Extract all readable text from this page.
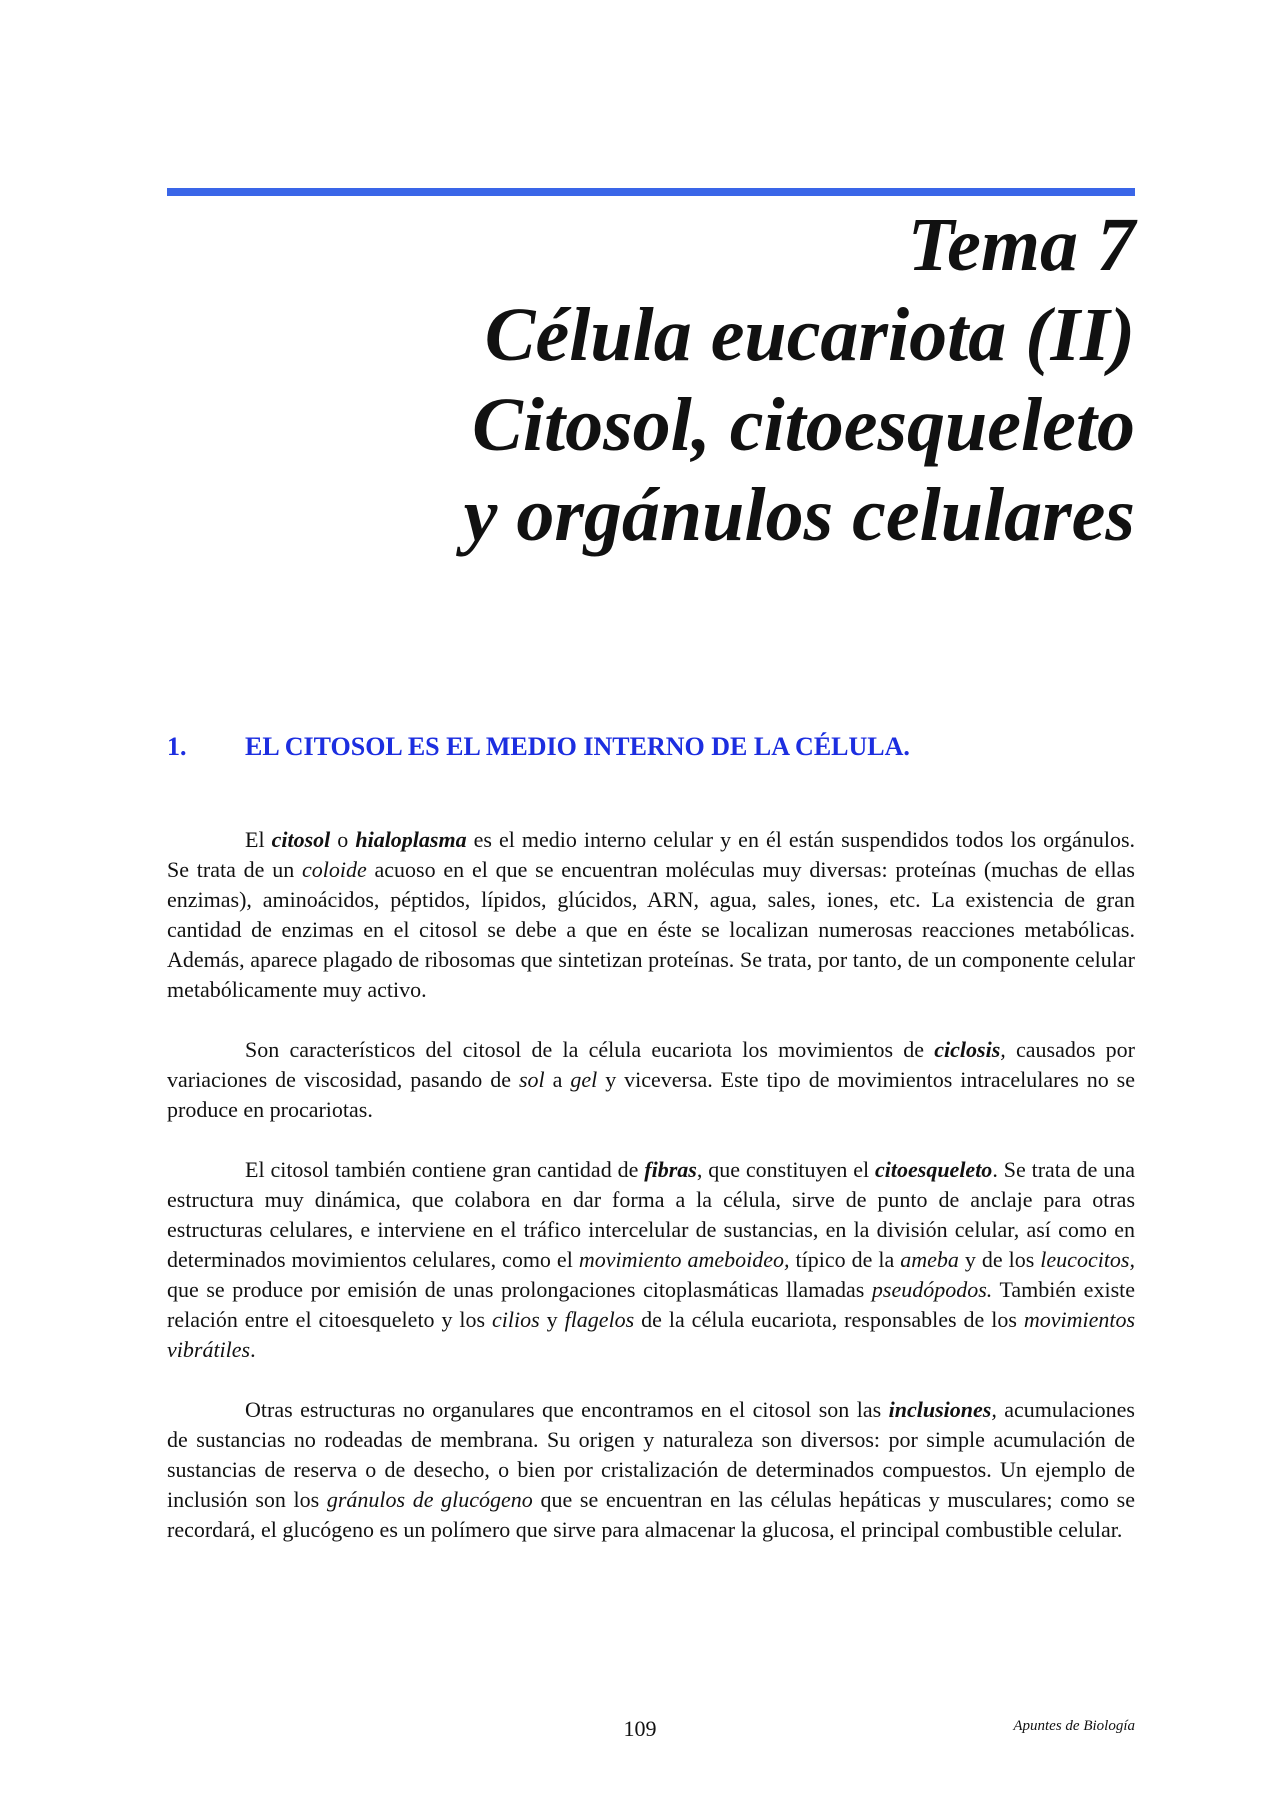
Tema 7
Célula eucariota (II)
Citosol, citoesqueleto
y orgánulos celulares
1.	EL CITOSOL ES EL MEDIO INTERNO DE LA CÉLULA.

El citosol o hialoplasma es el medio interno celular y en él están suspendidos todos los orgánulos. Se trata de un coloide acuoso en el que se encuentran moléculas muy diversas: proteínas (muchas de ellas enzimas), aminoácidos, péptidos, lípidos, glúcidos, ARN, agua, sales, iones, etc. La existencia de gran cantidad de enzimas en el citosol se debe a que en éste se localizan numerosas reacciones metabólicas. Además, aparece plagado de ribosomas que sintetizan proteínas. Se trata, por tanto, de un componente celular metabólicamente muy activo.

Son característicos del citosol de la célula eucariota los movimientos de ciclosis, causados por variaciones de viscosidad, pasando de sol a gel y viceversa. Este tipo de movimientos intracelulares no se produce en procariotas.

El citosol también contiene gran cantidad de fibras, que constituyen el citoesqueleto. Se trata de una estructura muy dinámica, que colabora en dar forma a la célula, sirve de punto de anclaje para otras estructuras celulares, e interviene en el tráfico intercelular de sustancias, en la división celular, así como en determinados movimientos celulares, como el movimiento ameboideo, típico de la ameba y de los leucocitos, que se produce por emisión de unas prolongaciones citoplasmáticas llamadas pseudópodos. También existe relación entre el citoesqueleto y los cilios y flagelos de la célula eucariota, responsables de los movimientos vibrátiles.

Otras estructuras no organulares que encontramos en el citosol son las inclusiones, acumulaciones de sustancias no rodeadas de membrana. Su origen y naturaleza son diversos: por simple acumulación de sustancias de reserva o de desecho, o bien por cristalización de determinados compuestos. Un ejemplo de inclusión son los gránulos de glucógeno que se encuentran en las células hepáticas y musculares; como se recordará, el glucógeno es un polímero que sirve para almacenar la glucosa, el principal combustible celular.

109	Apuntes de Biología
